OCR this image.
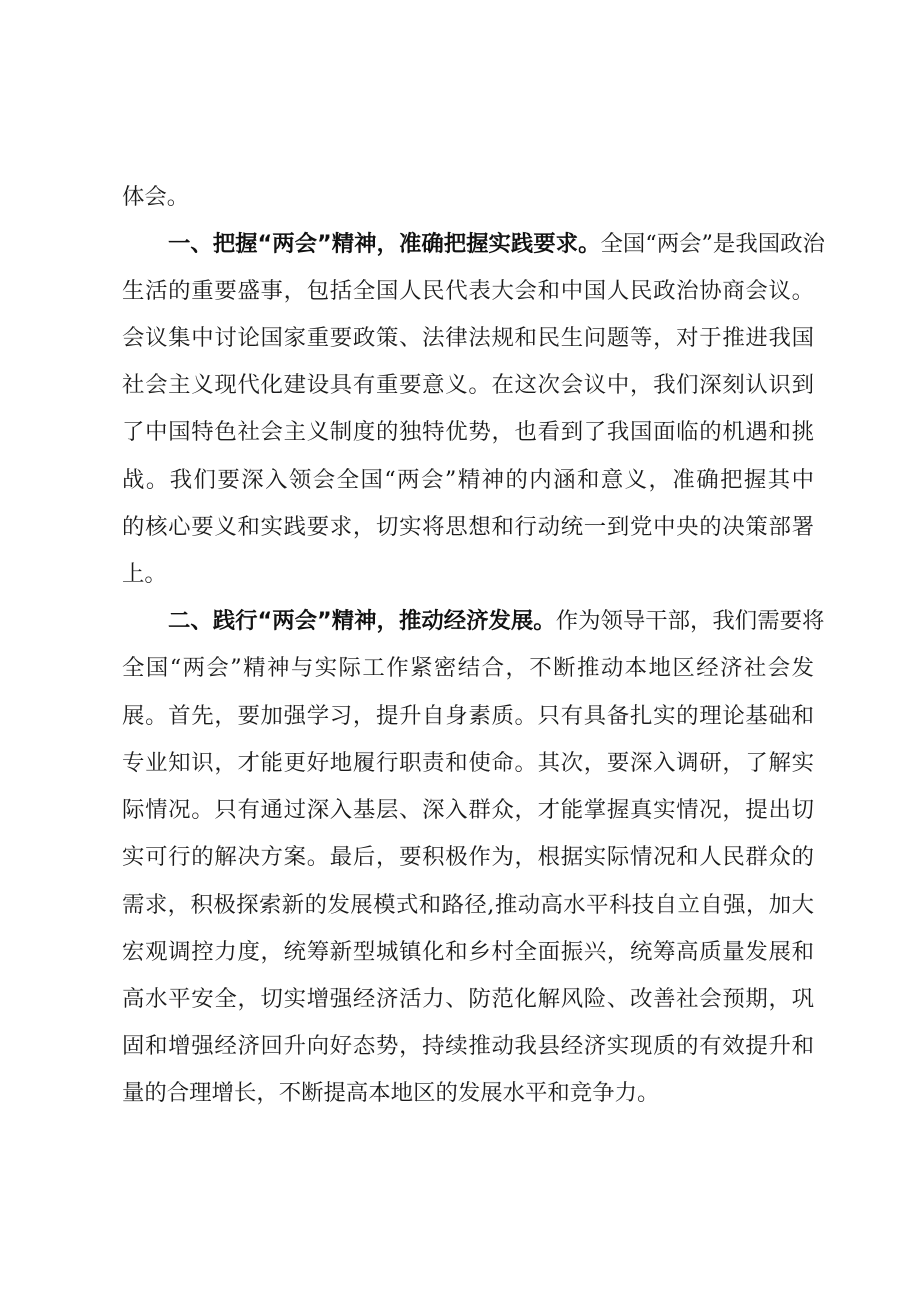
体会。
一、把握“两会”精神，准确把握实践要求。全国“两会”是我国政治
生活的重要盛事，包括全国人民代表大会和中国人民政治协商会议。
会议集中讨论国家重要政策、法律法规和民生问题等，对于推进我国
社会主义现代化建设具有重要意义。在这次会议中，我们深刻认识到
了中国特色社会主义制度的独特优势，也看到了我国面临的机遇和挑
战。我们要深入领会全国“两会”精神的内涵和意义，准确把握其中
的核心要义和实践要求，切实将思想和行动统一到党中央的决策部署
上。
二、践行“两会”精神，推动经济发展。作为领导干部，我们需要将
全国“两会”精神与实际工作紧密结合，不断推动本地区经济社会发
展。首先，要加强学习，提升自身素质。只有具备扎实的理论基础和
专业知识，才能更好地履行职责和使命。其次，要深入调研，了解实
际情况。只有通过深入基层、深入群众，才能掌握真实情况，提出切
实可行的解决方案。最后，要积极作为，根据实际情况和人民群众的
需求，积极探索新的发展模式和路径,推动高水平科技自立自强，加大
宏观调控力度，统筹新型城镇化和乡村全面振兴，统筹高质量发展和
高水平安全，切实增强经济活力、防范化解风险、改善社会预期，巩
固和增强经济回升向好态势，持续推动我县经济实现质的有效提升和
量的合理增长，不断提高本地区的发展水平和竞争力。
